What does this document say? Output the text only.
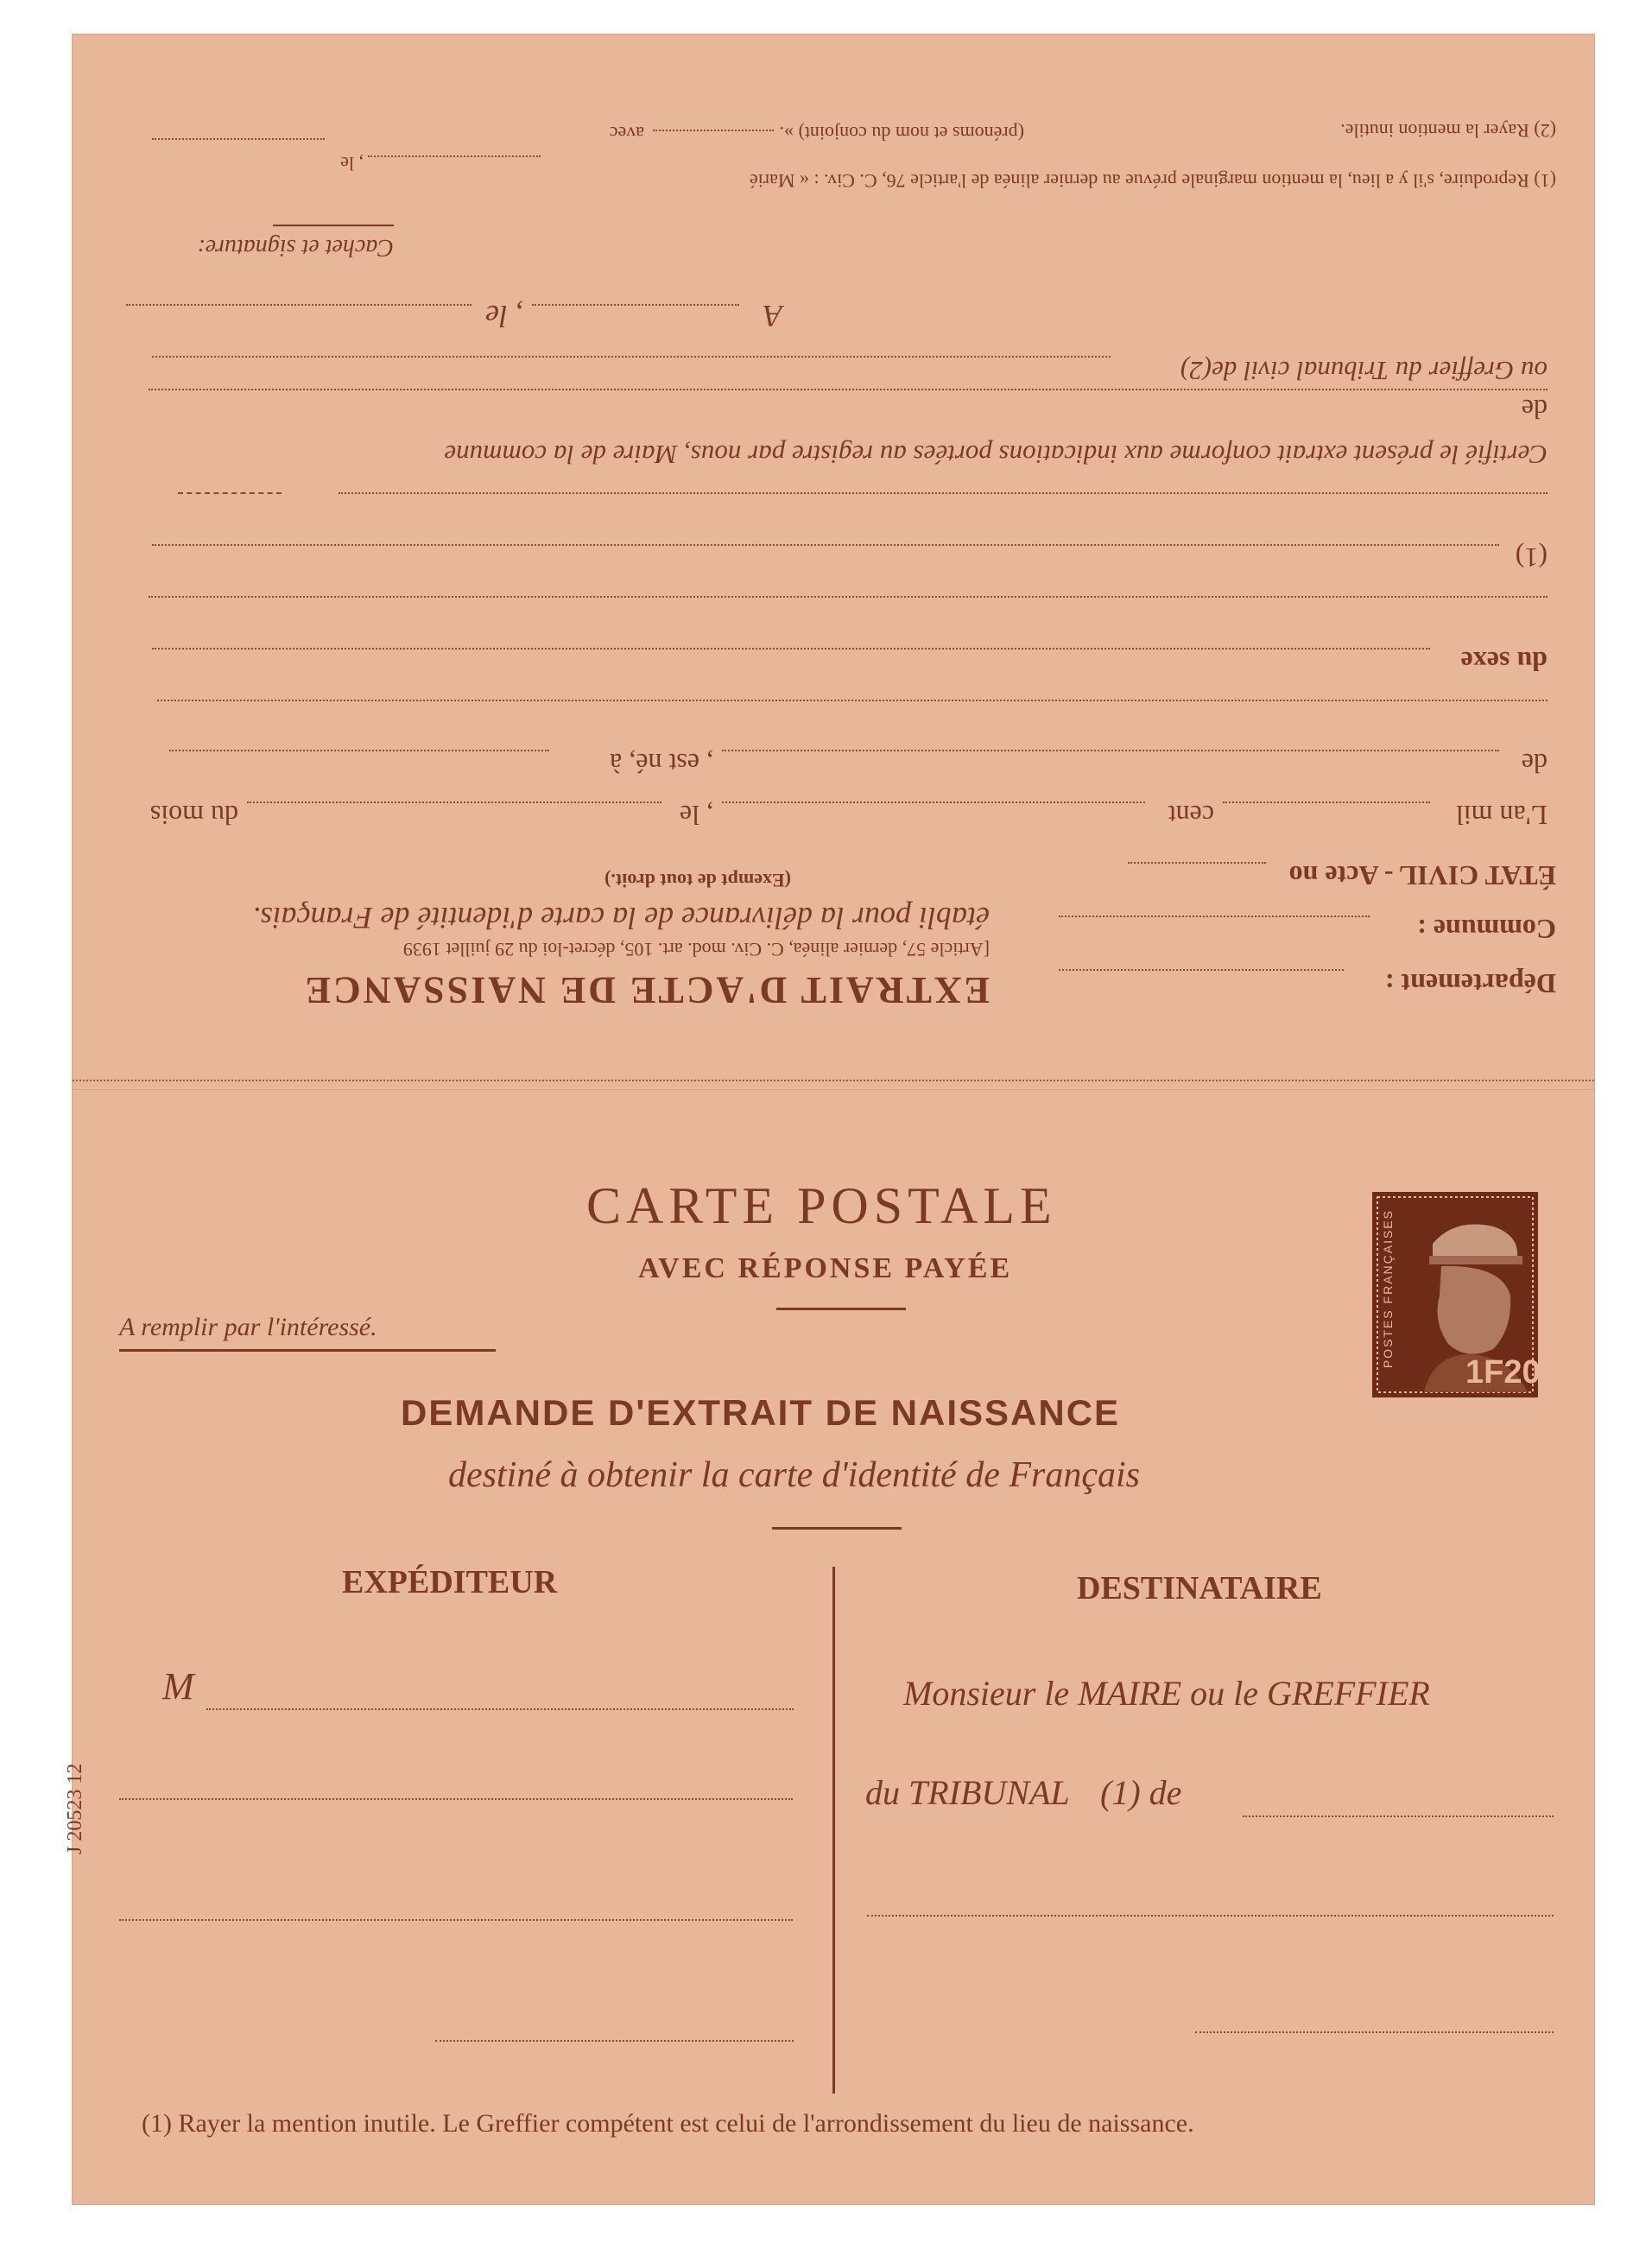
Département :
EXTRAIT D'ACTE DE NAISSANCE
[Article 57, dernier alinéa, C. Civ. mod. art. 105, décret-loi du 29 juillet 1939
établi pour la délivrance de la carte d'identité de Français.
(Exempt de tout droit.)
Commune :
ÉTAT CIVIL - Acte no
L'an mil
cent
, le
du mois
de
, est né, à
du sexe
(1)
Certifié le présent extrait conforme aux indications portées au registre par nous, Maire de la commune
de
ou Greffier du Tribunal civil de(2)
A
, le
Cachet et signature:
(1) Reproduire, s'il y a lieu, la mention marginale prévue au dernier alinéa de l'article 76, C. Civ. : « Marié
, le
avec	(prénoms et nom du conjoint) ».	(2) Rayer la mention inutile.
CARTE POSTALE
AVEC RÉPONSE PAYÉE
A remplir par l'intéressé.	POSTES FRANÇAISES
1F20
DEMANDE D'EXTRAIT DE NAISSANCE
destiné à obtenir la carte d'identité de Français
EXPÉDITEUR
M
J 20523 12
DESTINATAIRE
Monsieur le MAIRE ou le GREFFIER
du TRIBUNAL (1) de
(1) Rayer la mention inutile. Le Greffier compétent est celui de l'arrondissement du lieu de naissance.
